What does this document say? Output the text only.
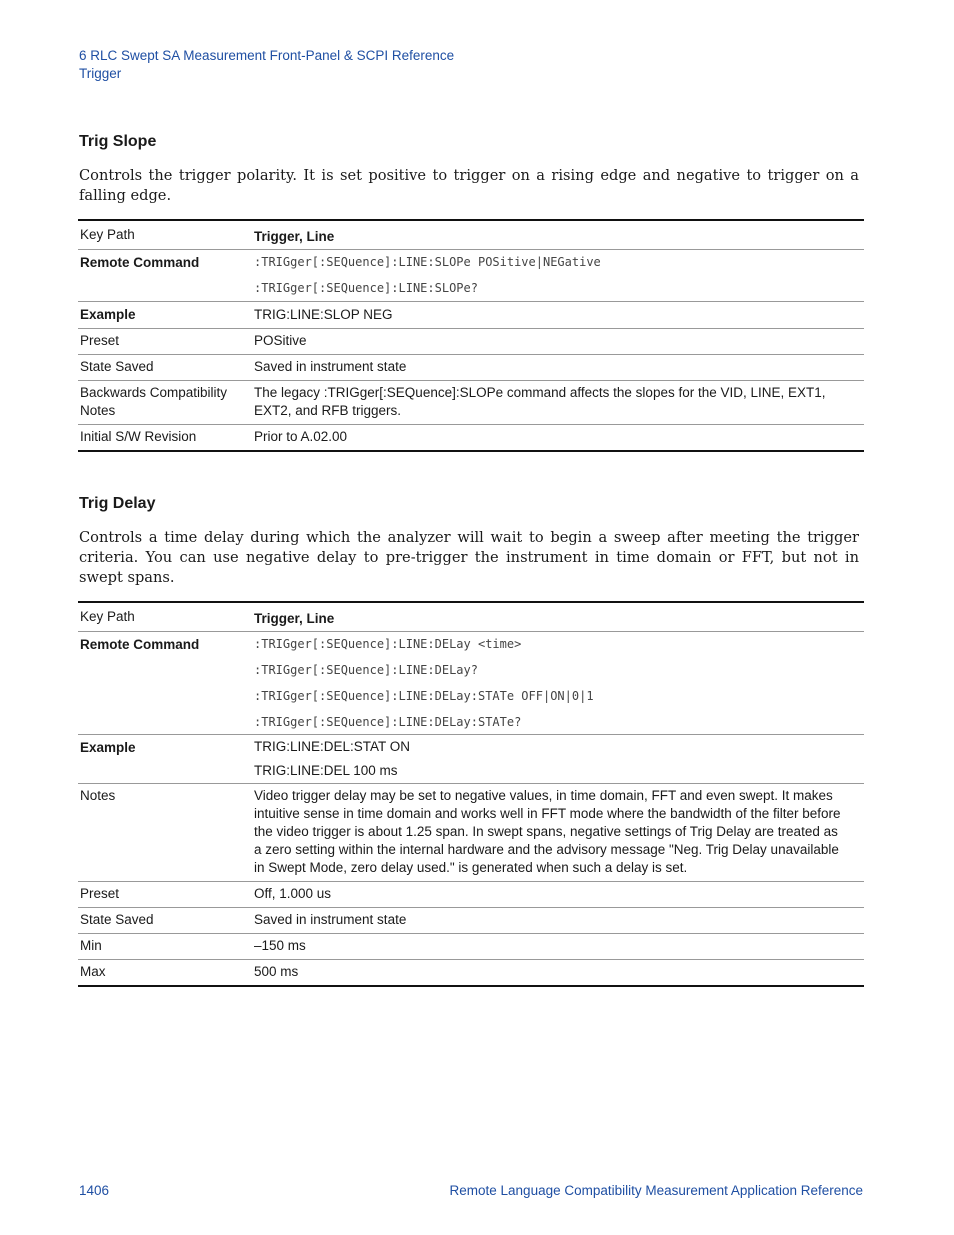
6 RLC Swept SA Measurement Front-Panel & SCPI Reference
Trigger
Trig Slope
Controls the trigger polarity. It is set positive to trigger on a rising edge and negative to trigger on a falling edge.
Key Path	Trigger, Line
Remote Command	:TRIGger[:SEQuence]:LINE:SLOPe POSitive|NEGative
:TRIGger[:SEQuence]:LINE:SLOPe?

Example	TRIG:LINE:SLOP NEG
Preset	POSitive
State Saved	Saved in instrument state
Backwards Compatibility Notes	The legacy :TRIGger[:SEQuence]:SLOPe command affects the slopes for the VID, LINE, EXT1, EXT2, and RFB triggers.
Initial S/W Revision	Prior to A.02.00
Trig Delay
Controls a time delay during which the analyzer will wait to begin a sweep after meeting the trigger criteria. You can use negative delay to pre-trigger the instrument in time domain or FFT, but not in swept spans.
Key Path	Trigger, Line
Remote Command	:TRIGger[:SEQuence]:LINE:DELay <time>
:TRIGger[:SEQuence]:LINE:DELay?
:TRIGger[:SEQuence]:LINE:DELay:STATe OFF|ON|0|1
:TRIGger[:SEQuence]:LINE:DELay:STATe?

Example	TRIG:LINE:DEL:STAT ON
TRIG:LINE:DEL 100 ms

Notes	Video trigger delay may be set to negative values, in time domain, FFT and even swept. It makes intuitive sense in time domain and works well in FFT mode where the bandwidth of the filter before the video trigger is about 1.25 span. In swept spans, negative settings of Trig Delay are treated as a zero setting within the internal hardware and the advisory message "Neg. Trig Delay unavailable in Swept Mode, zero delay used." is generated when such a delay is set.
Preset	Off, 1.000 us
State Saved	Saved in instrument state
Min	–150 ms
Max	500 ms
1406	Remote Language Compatibility Measurement Application Reference
